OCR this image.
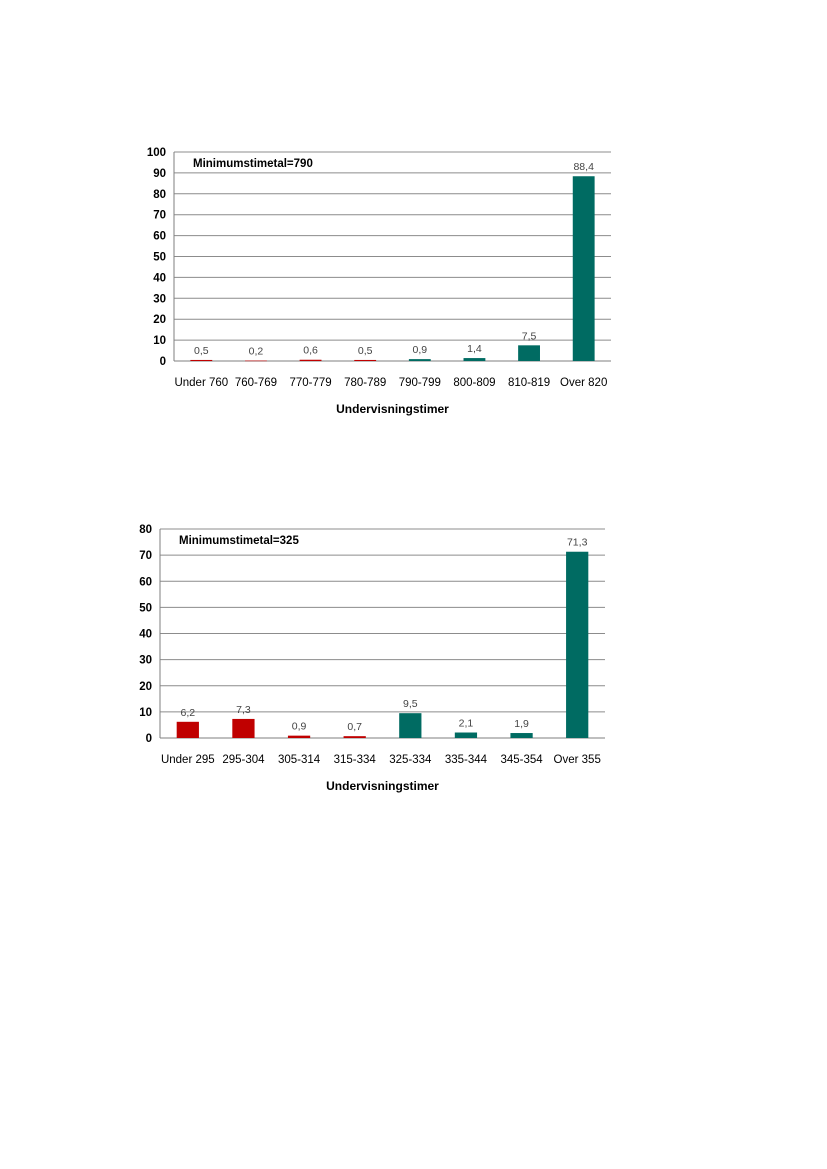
0
10
20
30
40
50
60
70
80
90
100
0,5
Under 760
0,2
760-769
0,6
770-779
0,5
780-789
0,9
790-799
1,4
800-809
7,5
810-819
88,4
Over 820
Minimumstimetal=790
Undervisningstimer
0
10
20
30
40
50
60
70
80
6,2
Under 295
7,3
295-304
0,9
305-314
0,7
315-334
9,5
325-334
2,1
335-344
1,9
345-354
71,3
Over 355
Minimumstimetal=325
Undervisningstimer
